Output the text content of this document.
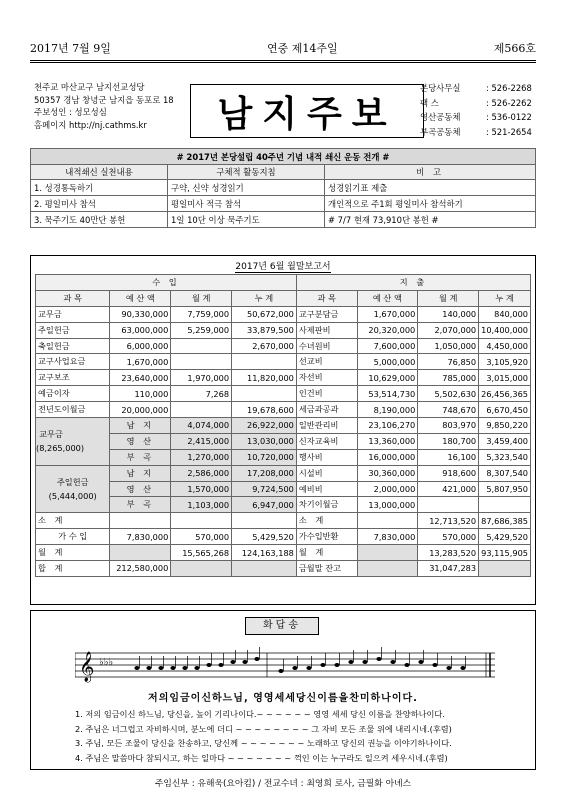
2017년 7월 9일	연중 제14주일	제566호
천주교 마산교구 남지선교성당
50357 경남 창녕군 남지읍 동포로 18
주보성인 : 성모성심
홈페이지 http://nj.cathms.kr	남지주보
본당사무실	: 526-2268
팩 스	: 526-2262
영산공동체	: 536-0122
부곡공동체	: 521-2654
# 2017년 본당설립 40주년 기념 내적 쇄신 운동 전개 #		
내적쇄신 실천내용	구체적 활동지침	비 고
1. 성경통독하기	구약, 신약 성경읽기	성경읽기표 제출
2. 평일미사 참석	평일미사 적극 참석	개인적으로 주1회 평일미사 참석하기
3. 묵주기도 40만단 봉헌	1일 10단 이상 묵주기도	# 7/7 현재 73,910단 봉헌 #
2017년 6월 월말보고서
수 입				지 출			
과 목	예 산 액	월 계	누 계	과 목	예 산 액	월 계	누 계
교무금	90,330,000	7,759,000	50,672,000	교구분담금	1,670,000	140,000	840,000
주일헌금	63,000,000	5,259,000	33,879,500	사제판비	20,320,000	2,070,000	10,400,000
축일헌금	6,000,000		2,670,000	수녀원비	7,600,000	1,050,000	4,450,000
교구사업요금	1,670,000			선교비	5,000,000	76,850	3,105,920
교구보조	23,640,000	1,970,000	11,820,000	자선비	10,629,000	785,000	3,015,000
예금이자	110,000	7,268		인건비	53,514,730	5,502,630	26,456,365
전년도이월금	20,000,000		19,678,600	세금과공과	8,190,000	748,670	6,670,450

교무금
(8,265,000)	남 지	4,074,000	26,922,000	일반관리비	23,106,270	803,970	9,850,220
	영 산	2,415,000	13,030,000	신자교육비	13,360,000	180,700	3,459,400
	부 곡	1,270,000	10,720,000	행사비	16,000,000	16,100	5,323,540

주일헌금
(5,444,000)	남 지	2,586,000	17,208,000	시설비	30,360,000	918,600	8,307,540
	영 산	1,570,000	9,724,500	예비비	2,000,000	421,000	5,807,950
	부 곡	1,103,000	6,947,000	차기이월금	13,000,000		
소 계				소 계		12,713,520	87,686,385
가 수 입	7,830,000	570,000	5,429,520	가수입반환	7,830,000	570,000	5,429,520
월 계		15,565,268	124,163,188	월 계		13,283,520	93,115,905
합 계	212,580,000			금월말 잔고		31,047,283	
화답송
𝄞 ♭♭♭
저의임금이신하느님, 영영세세당신이름을찬미하나이다.
1. 저의 임금이신 하느님, 당신을, 높이 기리나이다.~ ~ ~ ~ ~ ~ 영영 세세 당신 이름을 찬양하나이다.
2. 주님은 너그럽고 자비하시며, 분노에 더디 ~ ~ ~ ~ ~ ~ ~ ~ 그 자비 모든 조물 위에 내리시네.(후렴)
3. 주님, 모든 조물이 당신을 찬송하고, 당신께 ~ ~ ~ ~ ~ ~ ~ 노래하고 당신의 권능을 이야기하나이다.
4. 주님은 말씀마다 참되시고, 하는 일마다 ~ ~ ~ ~ ~ ~ ~ 꺽인 이는 누구라도 일으켜 세우시네.(후렴)
주임신부 : 유해욱(요아킴) / 전교수녀 : 최영희 로사, 금필화 아녜스
